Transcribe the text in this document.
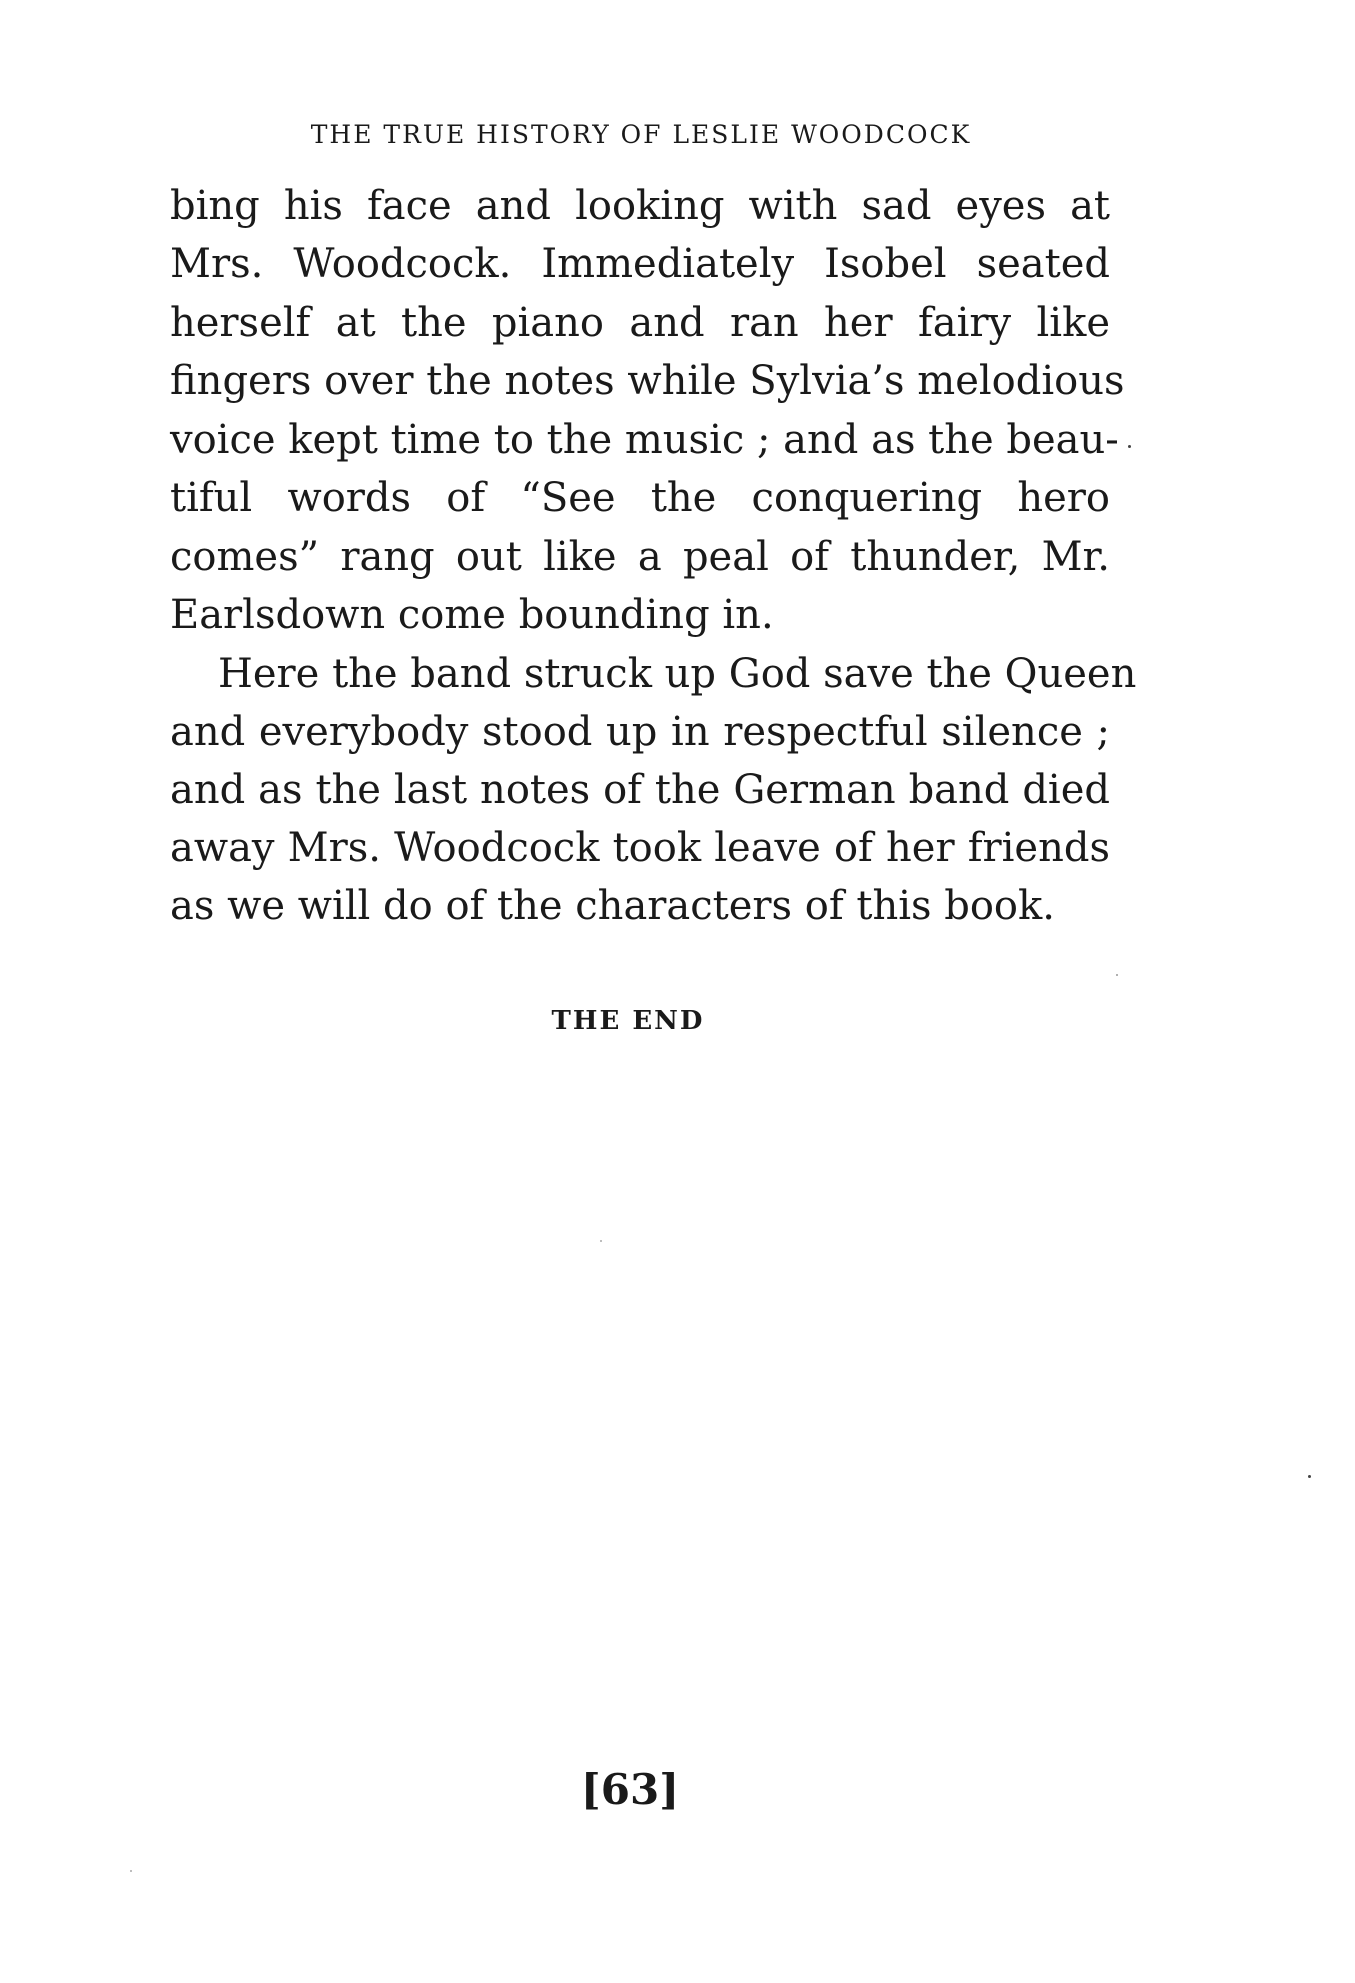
THE TRUE HISTORY OF LESLIE WOODCOCK
bing his face and looking with sad eyes at
Mrs. Woodcock. Immediately Isobel seated
herself at the piano and ran her fairy like
fingers over the notes while Sylvia’s melodious
voice kept time to the music ; and as the beau-
tiful words of “See the conquering hero
comes” rang out like a peal of thunder, Mr.
Earlsdown come bounding in.
Here the band struck up God save the Queen
and everybody stood up in respectful silence ;
and as the last notes of the German band died
away Mrs. Woodcock took leave of her friends
as we will do of the characters of this book.
THE END
[63]
